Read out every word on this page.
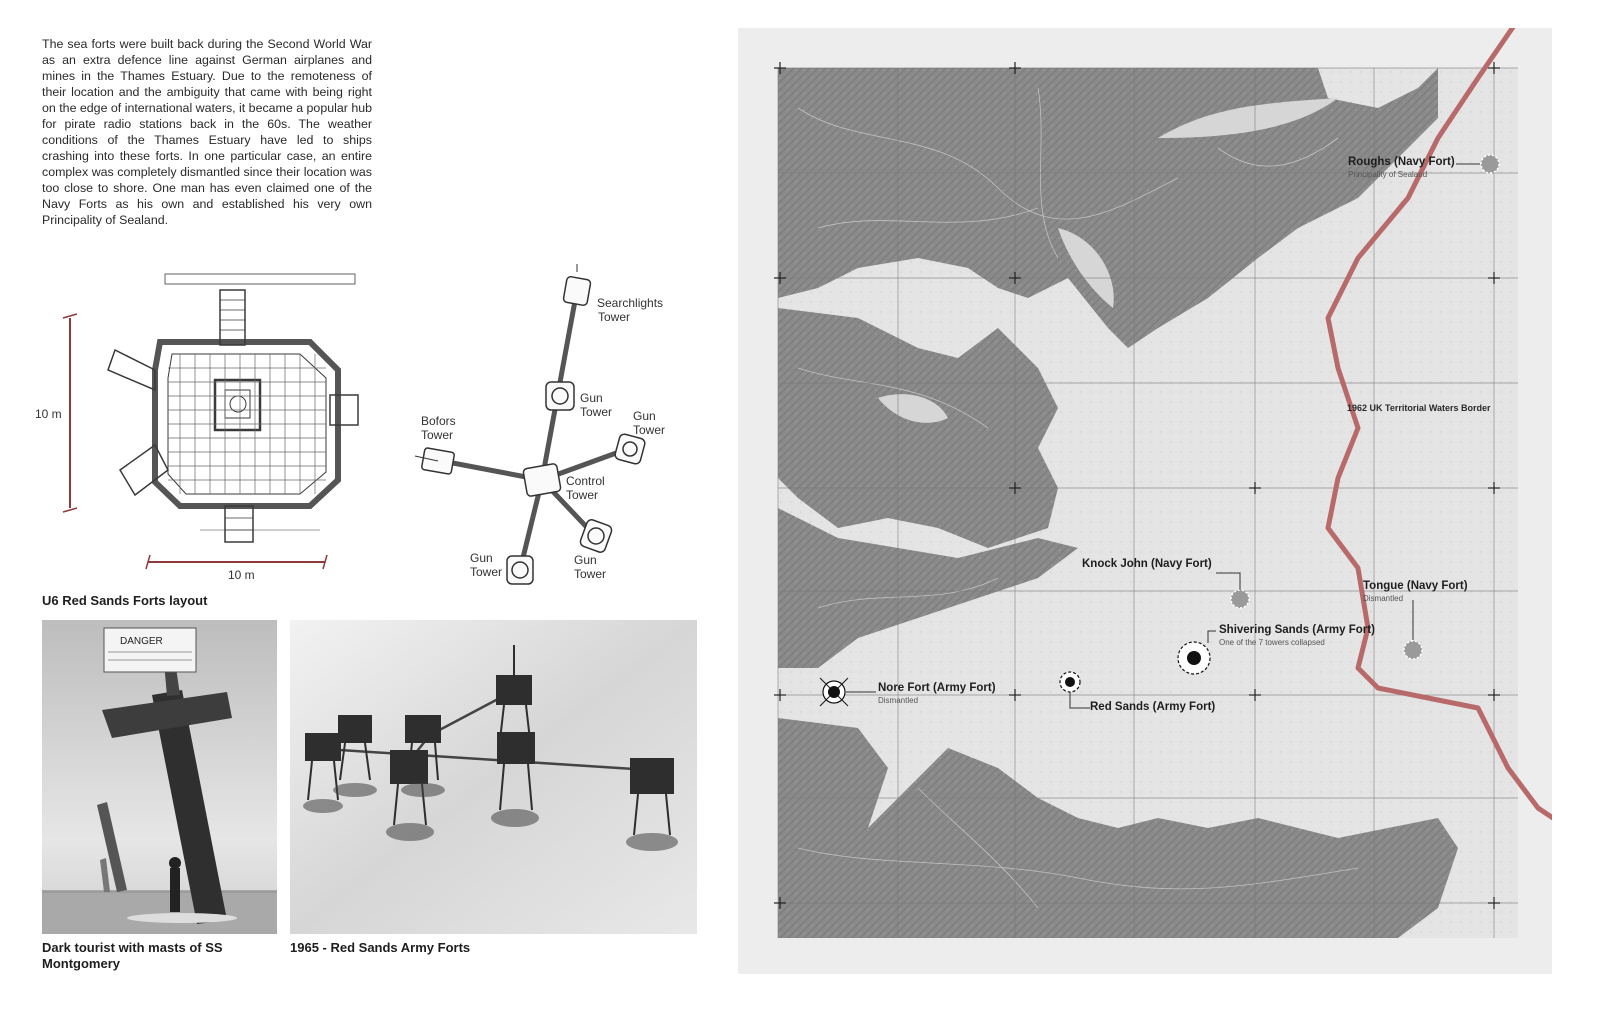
The sea forts were built back during the Second World War as an extra defence line against German airplanes and mines in the Thames Estuary. Due to the remoteness of their location and the ambiguity that came with being right on the edge of international waters, it became a popular hub for pirate radio stations back in the 60s. The weather conditions of the Thames Estuary have led to ships crashing into these forts. In one particular case, an entire complex was completely dismantled since their location was too close to shore. One man has even claimed one of the Navy Forts as his own and established his very own Principality of Sealand.
10 m
10 m
U6 Red Sands Forts layout
Searchlights
Tower
Gun
Tower Gun
Tower
Bofors
Tower
Control
Tower
Gun
Tower
Gun
Tower
DANGER
Dark tourist with masts of SS
Montgomery
1965 - Red Sands Army Forts
1962 UK Territorial Waters Border
Roughs (Navy Fort)
Principality of Sealand
Knock John (Navy Fort)
Tongue (Navy Fort)
Dismantled
Shivering Sands (Army Fort)
One of the 7 towers collapsed
Nore Fort (Army Fort)
Dismantled
Red Sands (Army Fort)
